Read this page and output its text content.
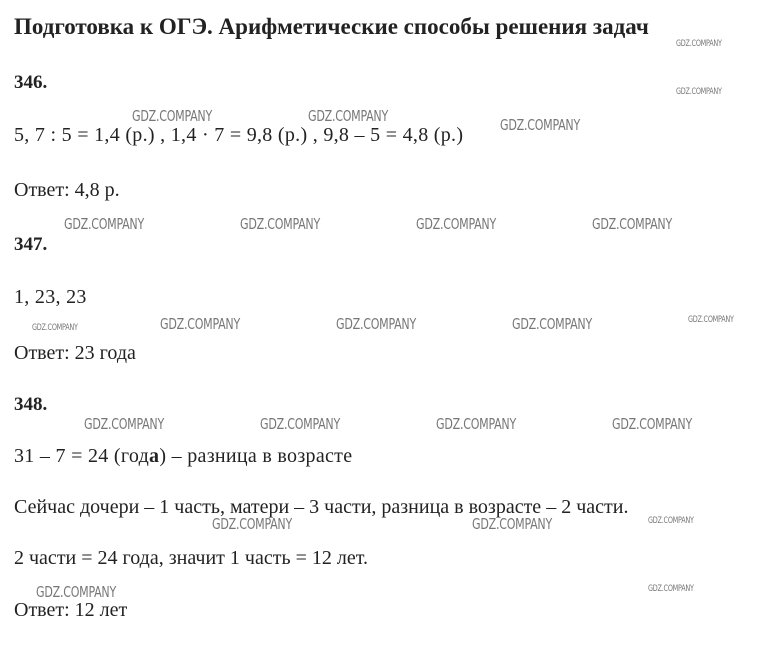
Подготовка к ОГЭ. Арифметические способы решения задач
346.
5, 7 : 5 = 1,4 (р.) , 1,4 · 7 = 9,8 (р.) , 9,8 – 5 = 4,8 (р.)
Ответ: 4,8 р.
347.
1, 23, 23
Ответ: 23 года
348.
31 – 7 = 24 (года) – разница в возрасте
Сейчас дочери – 1 часть, матери – 3 части, разница в возрасте – 2 части.
2 части = 24 года, значит 1 часть = 12 лет.
Ответ: 12 лет
GDZ.COMPANY
GDZ.COMPANY
GDZ.COMPANY	GDZ.COMPANY	GDZ.COMPANY
GDZ.COMPANY	GDZ.COMPANY	GDZ.COMPANY	GDZ.COMPANY
GDZ.COMPANY	GDZ.COMPANY	GDZ.COMPANY	GDZ.COMPANY	GDZ.COMPANY
GDZ.COMPANY	GDZ.COMPANY	GDZ.COMPANY	GDZ.COMPANY
GDZ.COMPANY	GDZ.COMPANY	GDZ.COMPANY
GDZ.COMPANY	GDZ.COMPANY
